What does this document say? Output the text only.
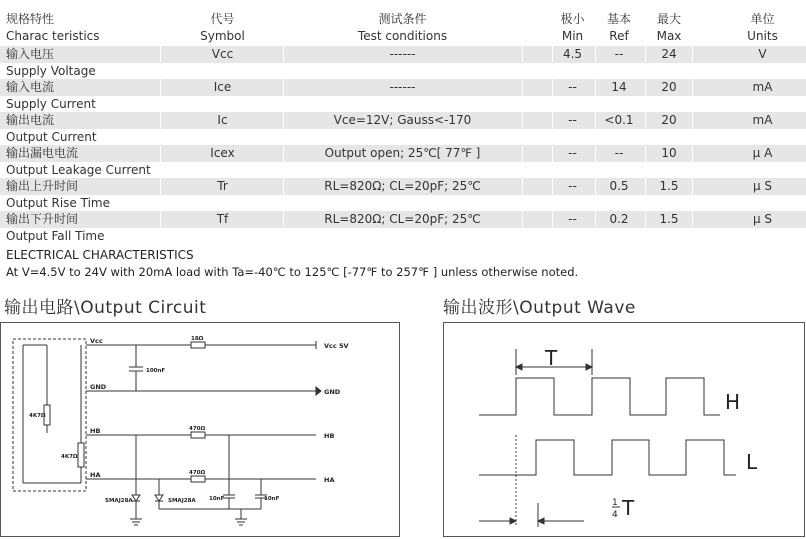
规格特性	代号	测试条件	极小	基本	最大	单位
Charac teristics	Symbol	Test conditions	Min	Ref	Max	Units
输入电压	Vcc	------	4.5	--	24	V
Supply Voltage
输入电流	Ice	------	--	14	20	mA
Supply Current
输出电流	Ic	Vce=12V; Gauss<-170	--	<0.1	20	mA
Output Current
输出漏电电流	Icex	Output open; 25℃[ 77℉ ]	--	--	10	μ A
Output Leakage Current
输出上升时间	Tr	RL=820Ω; CL=20pF; 25℃	--	0.5	1.5	μ S
Output Rise Time
输出下升时间	Tf	RL=820Ω; CL=20pF; 25℃	--	0.2	1.5	μ S
Output Fall Time
ELECTRICAL CHARACTERISTICS
At V=4.5V to 24V with 20mA load with Ta=-40℃ to 125℃ [-77℉ to 257℉ ] unless otherwise noted.
输出电路\Output Circuit	输出波形\Output Wave
Vcc
GND
HB
HA
Vcc 5V
GND
HB
HA
18Ω
470Ω
470Ω
100nF
10nF	10nF
4K7Ω
4K7Ω
SMAJ28A	SMAJ28A
T
H
L
1
4 T
